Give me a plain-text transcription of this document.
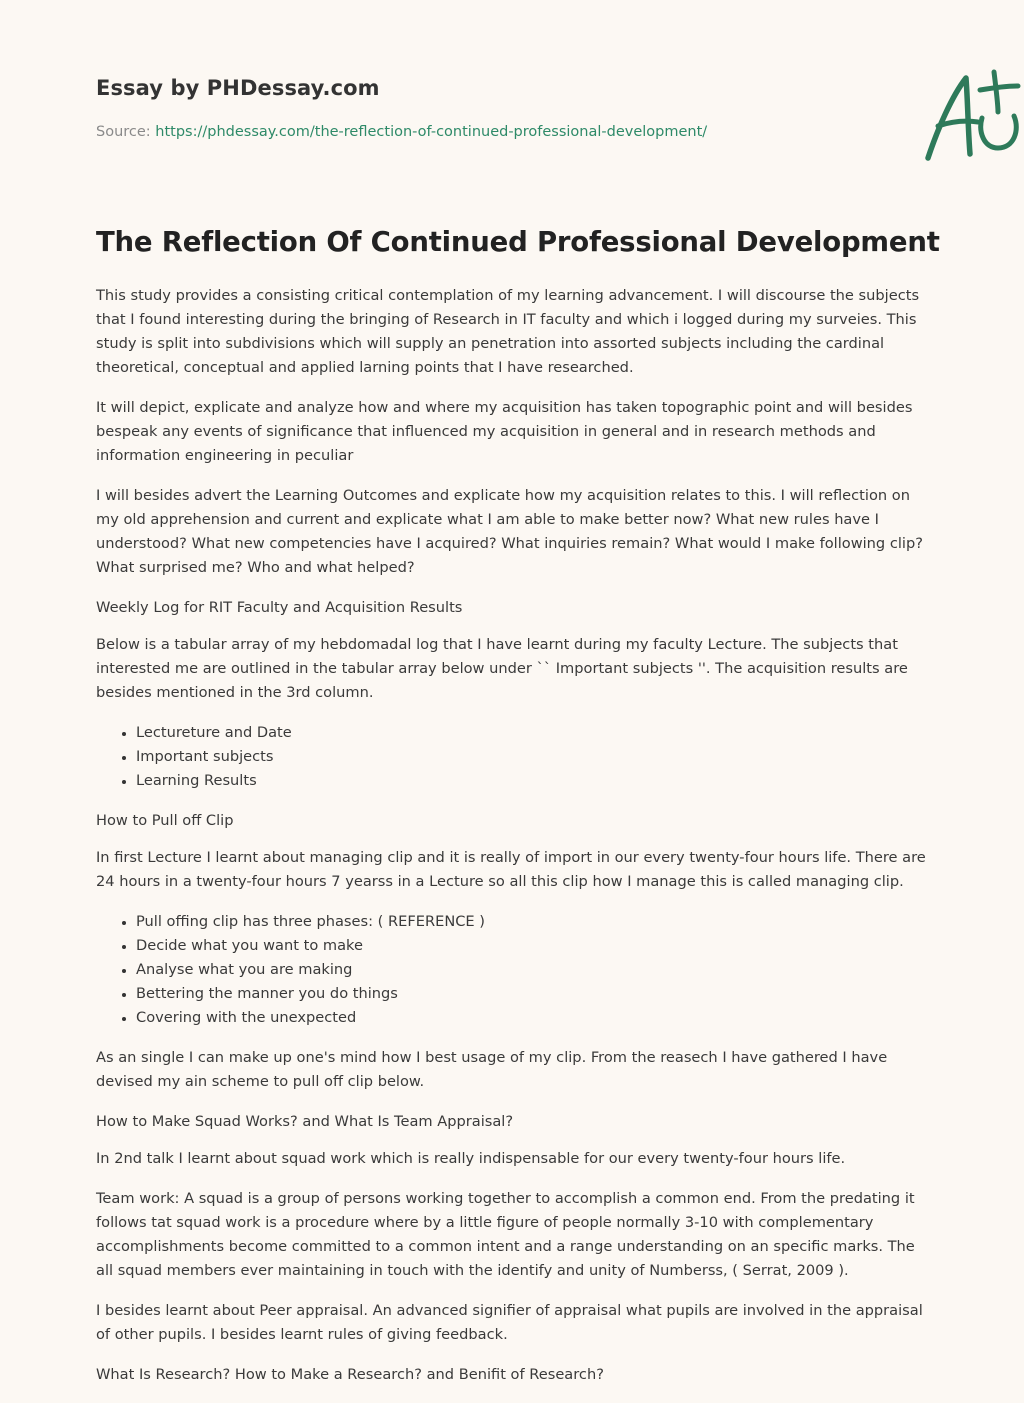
Essay by PHDessay.com
Source: https://phdessay.com/the-reflection-of-continued-professional-development/
The Reflection Of Continued Professional Development

This study provides a consisting critical contemplation of my learning advancement. I will discourse the subjects that I found interesting during the bringing of Research in IT faculty and which i logged during my surveies. This study is split into subdivisions which will supply an penetration into assorted subjects including the cardinal theoretical, conceptual and applied larning points that I have researched.

It will depict, explicate and analyze how and where my acquisition has taken topographic point and will besides bespeak any events of significance that influenced my acquisition in general and in research methods and information engineering in peculiar

I will besides advert the Learning Outcomes and explicate how my acquisition relates to this. I will reflection on my old apprehension and current and explicate what I am able to make better now? What new rules have I understood? What new competencies have I acquired? What inquiries remain? What would I make following clip? What surprised me? Who and what helped?

Weekly Log for RIT Faculty and Acquisition Results

Below is a tabular array of my hebdomadal log that I have learnt during my faculty Lecture. The subjects that interested me are outlined in the tabular array below under `` Important subjects ''. The acquisition results are besides mentioned in the 3rd column.

• Lectureture and Date
• Important subjects
• Learning Results

How to Pull off Clip

In first Lecture I learnt about managing clip and it is really of import in our every twenty-four hours life. There are 24 hours in a twenty-four hours 7 yearss in a Lecture so all this clip how I manage this is called managing clip.

• Pull offing clip has three phases: ( REFERENCE )
• Decide what you want to make
• Analyse what you are making
• Bettering the manner you do things
• Covering with the unexpected

As an single I can make up one's mind how I best usage of my clip. From the reasech I have gathered I have devised my ain scheme to pull off clip below.

How to Make Squad Works? and What Is Team Appraisal?

In 2nd talk I learnt about squad work which is really indispensable for our every twenty-four hours life.

Team work: A squad is a group of persons working together to accomplish a common end. From the predating it follows tat squad work is a procedure where by a little figure of people normally 3-10 with complementary accomplishments become committed to a common intent and a range understanding on an specific marks. The all squad members ever maintaining in touch with the identify and unity of Numberss, ( Serrat, 2009 ).

I besides learnt about Peer appraisal. An advanced signifier of appraisal what pupils are involved in the appraisal of other pupils. I besides learnt rules of giving feedback.

What Is Research? How to Make a Research? and Benifit of Research?
